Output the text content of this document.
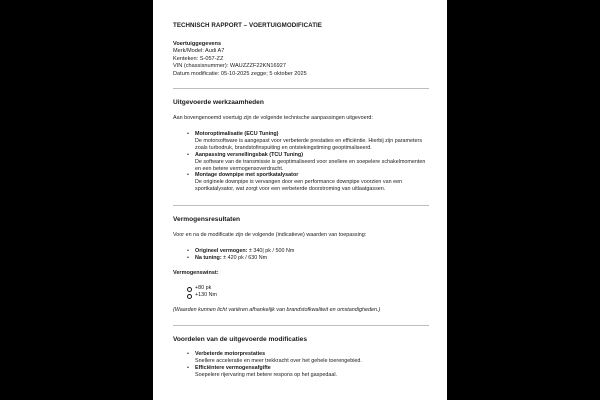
TECHNISCH RAPPORT – VOERTUIGMODIFICATIE

Voertuiggegevens
Merk/Model: Audi A7
Kenteken: S-057-ZZ
VIN (chassisnummer): WAUZZZF22KN16927
Datum modificatie: 05-10-2025 zegge; 5 oktober 2025

Uitgevoerde werkzaamheden

Aan bovengenoemd voertuig zijn de volgende technische aanpassingen uitgevoerd:

• Motoroptimalisatie (ECU Tuning)
De motorsoftware is aangepast voor verbeterde prestaties en efficiëntie. Hierbij zijn parameters zoals turbodruk, brandstofinspuiting en ontstekingstiming geoptimaliseerd.
• Aanpassing versnellingsbak (TCU Tuning)
De software van de transmissie is geoptimaliseerd voor snellere en soepelere schakelmomenten en een betere vermogensoverdracht.
• Montage downpipe met sportkatalysator
De originele downpipe is vervangen door een performance downpipe voorzien van een sportkatalysator, wat zorgt voor een verbeterde doorstroming van uitlaatgassen.

Vermogensresultaten

Voor en na de modificatie zijn de volgende (indicatieve) waarden van toepassing:

• Origineel vermogen: ± 340| pk / 500 Nm
• Na tuning: ± 420 pk / 630 Nm

Vermogenswinst:

+80 pk
+130 Nm

(Waarden kunnen licht variëren afhankelijk van brandstofkwaliteit en omstandigheden.)

Voordelen van de uitgevoerde modificaties

• Verbeterde motorprestaties
Snellere acceleratie en meer trekkracht over het gehele toerengebied.
• Efficiëntere vermogensafgifte
Soepelere rijervaring met betere respons op het gaspedaal.
